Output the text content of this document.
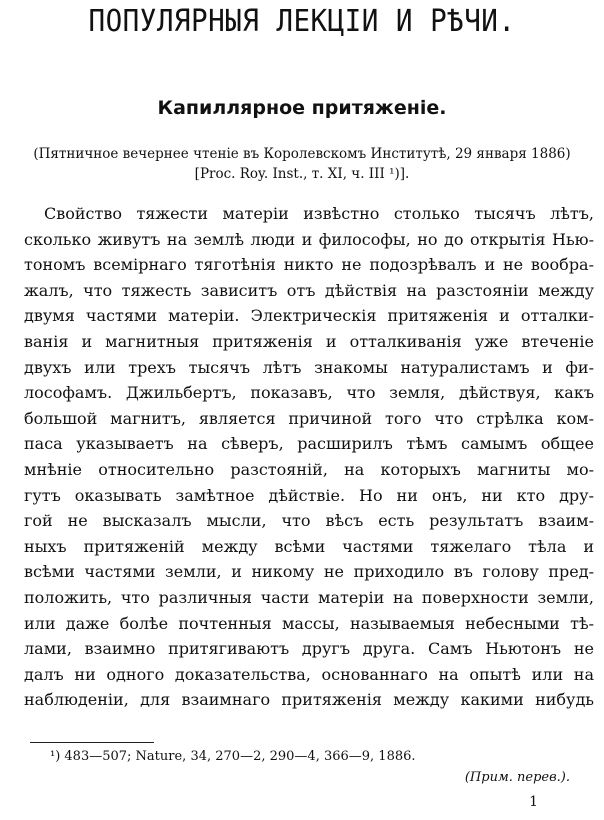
ПОПУЛЯРНЫЯ ЛЕКЦІИ И РѢЧИ.
Капиллярное притяженіе.
(Пятничное вечернее чтеніе въ Королевскомъ Институтѣ, 29 января 1886)
[Proc. Roy. Inst., т. XI, ч. III ¹)].
Свойство тяжести матеріи извѣстно столько тысячъ лѣтъ,
сколько живутъ на землѣ люди и философы, но до открытія Нью-
тономъ всемірнаго тяготѣнія никто не подозрѣвалъ и не вообра-
жалъ, что тяжесть зависитъ отъ дѣйствія на разстояніи между
двумя частями матеріи. Электрическія притяженія и отталки-
ванія и магнитныя притяженія и отталкиванія уже втеченіе
двухъ или трехъ тысячъ лѣтъ знакомы натуралистамъ и фи-
лософамъ. Джильбертъ, показавъ, что земля, дѣйствуя, какъ
большой магнитъ, является причиной того что стрѣлка ком-
паса указываетъ на сѣверъ, расширилъ тѣмъ самымъ общее
мнѣніе относительно разстояній, на которыхъ магниты мо-
гутъ оказывать замѣтное дѣйствіе. Но ни онъ, ни кто дру-
гой не высказалъ мысли, что вѣсъ есть результатъ взаим-
ныхъ притяженій между всѣми частями тяжелаго тѣла и
всѣми частями земли, и никому не приходило въ голову пред-
положить, что различныя части матеріи на поверхности земли,
или даже болѣе почтенныя массы, называемыя небесными тѣ-
лами, взаимно притягиваютъ другъ друга. Самъ Ньютонъ не
далъ ни одного доказательства, основаннаго на опытѣ или на
наблюденіи, для взаимнаго притяженія между какими нибудь
¹) 483—507; Nature, 34, 270—2, 290—4, 366—9, 1886.
(Прим. перев.).
1
